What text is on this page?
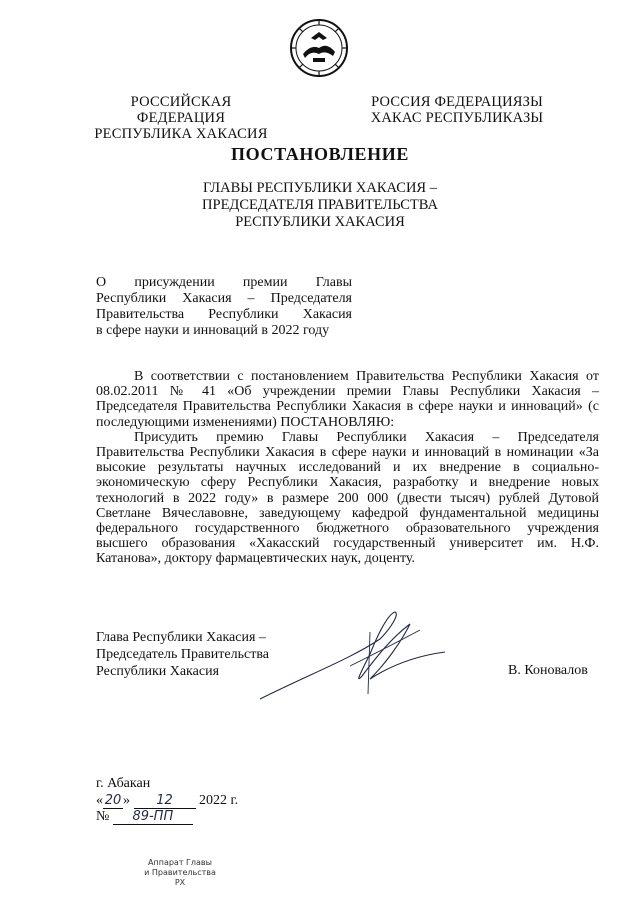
РОССИЙСКАЯ ФЕДЕРАЦИЯ
РЕСПУБЛИКА ХАКАСИЯ
РОССИЯ ФЕДЕРАЦИЯЗЫ
ХАКАС РЕСПУБЛИКАЗЫ
ПОСТАНОВЛЕНИЕ
ГЛАВЫ РЕСПУБЛИКИ ХАКАСИЯ –
ПРЕДСЕДАТЕЛЯ ПРАВИТЕЛЬСТВА
РЕСПУБЛИКИ ХАКАСИЯ
О присуждении премии Главы
Республики Хакасия – Председателя
Правительства Республики Хакасия
в сфере науки и инноваций в 2022 году

В соответствии с постановлением Правительства Республики Хакасия от 08.02.2011 № 41 «Об учреждении премии Главы Республики Хакасия – Председателя Правительства Республики Хакасия в сфере науки и инноваций» (с последующими изменениями) ПОСТАНОВЛЯЮ:

Присудить премию Главы Республики Хакасия – Председателя Правительства Республики Хакасия в сфере науки и инноваций в номинации «За высокие результаты научных исследований и их внедрение в социально-экономическую сферу Республики Хакасия, разработку и внедрение новых технологий в 2022 году» в размере 200 000 (двести тысяч) рублей Дутовой Светлане Вячеславовне, заведующему кафедрой фундаментальной медицины федерального государственного бюджетного образовательного учреждения высшего образования «Хакасский государственный университет им. Н.Ф. Катанова», доктору фармацевтических наук, доценту.

Глава Республики Хакасия –
Председатель Правительства
Республики Хакасия	В. Коновалов
г. Абакан
« 20 » 12 2022 г.
№ 89-ПП
Аппарат Главы
и Правительства РХ
